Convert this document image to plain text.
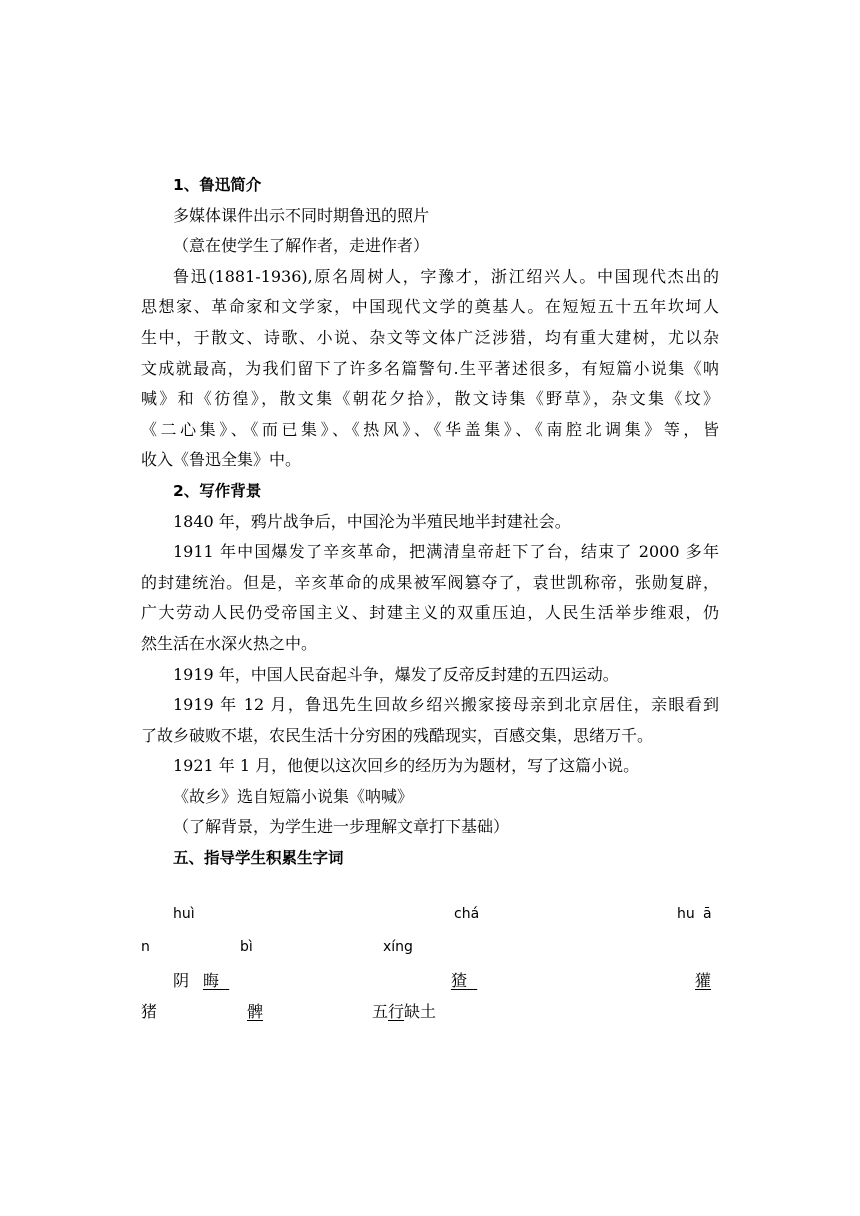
1、鲁迅简介
多媒体课件出示不同时期鲁迅的照片
（意在使学生了解作者，走进作者）
鲁迅(1881-1936),原名周树人，字豫才，浙江绍兴人。中国现代杰出的
思想家、革命家和文学家，中国现代文学的奠基人。在短短五十五年坎坷人
生中，于散文、诗歌、小说、杂文等文体广泛涉猎，均有重大建树，尤以杂
文成就最高，为我们留下了许多名篇警句.生平著述很多，有短篇小说集《呐
喊》和《彷徨》，散文集《朝花夕拾》，散文诗集《野草》，杂文集《坟》
《二心集》、《而已集》、《热风》、《华盖集》、《南腔北调集》等，皆
收入《鲁迅全集》中。
2、写作背景
1840 年，鸦片战争后，中国沦为半殖民地半封建社会。
1911 年中国爆发了辛亥革命，把满清皇帝赶下了台，结束了 2000 多年
的封建统治。但是，辛亥革命的成果被军阀篡夺了，袁世凯称帝，张勋复辟，
广大劳动人民仍受帝国主义、封建主义的双重压迫，人民生活举步维艰，仍
然生活在水深火热之中。
1919 年，中国人民奋起斗争，爆发了反帝反封建的五四运动。
1919 年 12 月，鲁迅先生回故乡绍兴搬家接母亲到北京居住，亲眼看到
了故乡破败不堪，农民生活十分穷困的残酷现实，百感交集，思绪万千。
1921 年 1 月，他便以这次回乡的经历为为题材，写了这篇小说。
《故乡》选自短篇小说集《呐喊》
（了解背景，为学生进一步理解文章打下基础）
五、指导学生积累生字词
huì	chá	hu ā
n	bì	xíng
阴 晦	猹	獾
猪	髀	五行缺土
